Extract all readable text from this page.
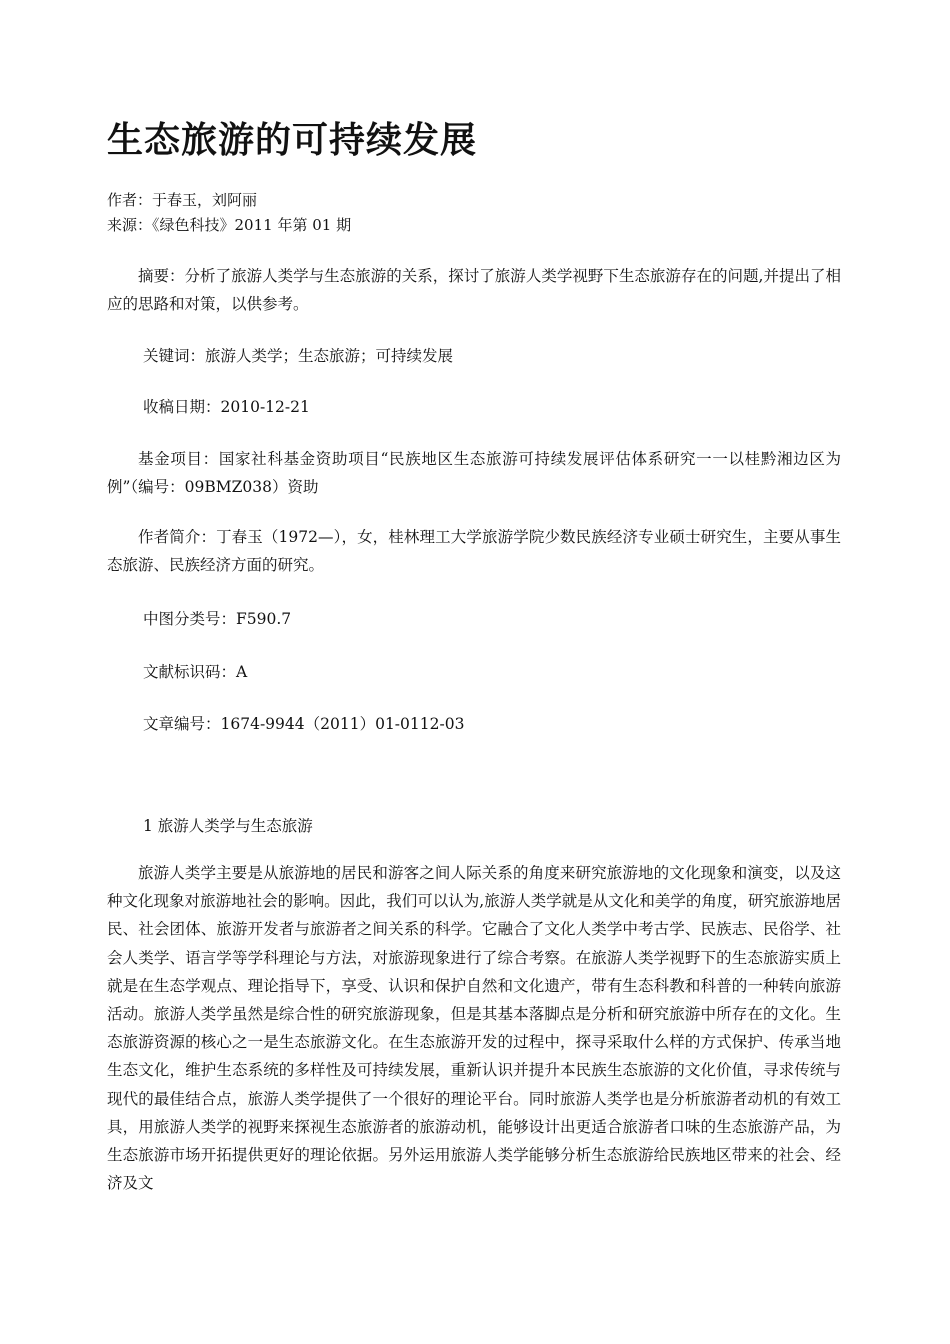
生态旅游的可持续发展
作者：于春玉，刘阿丽
来源：《绿色科技》2011 年第 01 期

摘要：分析了旅游人类学与生态旅游的关系，探讨了旅游人类学视野下生态旅游存在的问题,并提出了相应的思路和对策，以供参考。

关键词：旅游人类学；生态旅游；可持续发展

收稿日期：2010-12-21

基金项目：国家社科基金资助项目“民族地区生态旅游可持续发展评估体系研究一一以桂黔湘边区为例”（编号：09BMZ038）资助

作者简介：丁春玉（1972—），女，桂林理工大学旅游学院少数民族经济专业硕士研究生，主要从事生态旅游、民族经济方面的研究。

中图分类号：F590.7

文献标识码：A

文章编号：1674-9944（2011）01-0112-03

1 旅游人类学与生态旅游

旅游人类学主要是从旅游地的居民和游客之间人际关系的角度来研究旅游地的文化现象和演变，以及这种文化现象对旅游地社会的影响。因此，我们可以认为,旅游人类学就是从文化和美学的角度，研究旅游地居民、社会团体、旅游开发者与旅游者之间关系的科学。它融合了文化人类学中考古学、民族志、民俗学、社会人类学、语言学等学科理论与方法，对旅游现象进行了综合考察。在旅游人类学视野下的生态旅游实质上就是在生态学观点、理论指导下，享受、认识和保护自然和文化遗产，带有生态科教和科普的一种转向旅游活动。旅游人类学虽然是综合性的研究旅游现象，但是其基本落脚点是分析和研究旅游中所存在的文化。生态旅游资源的核心之一是生态旅游文化。在生态旅游开发的过程中，探寻采取什么样的方式保护、传承当地生态文化，维护生态系统的多样性及可持续发展，重新认识并提升本民族生态旅游的文化价值，寻求传统与现代的最佳结合点，旅游人类学提供了一个很好的理论平台。同时旅游人类学也是分析旅游者动机的有效工具，用旅游人类学的视野来探视生态旅游者的旅游动机，能够设计出更适合旅游者口味的生态旅游产品，为生态旅游市场开拓提供更好的理论依据。另外运用旅游人类学能够分析生态旅游给民族地区带来的社会、经济及文
